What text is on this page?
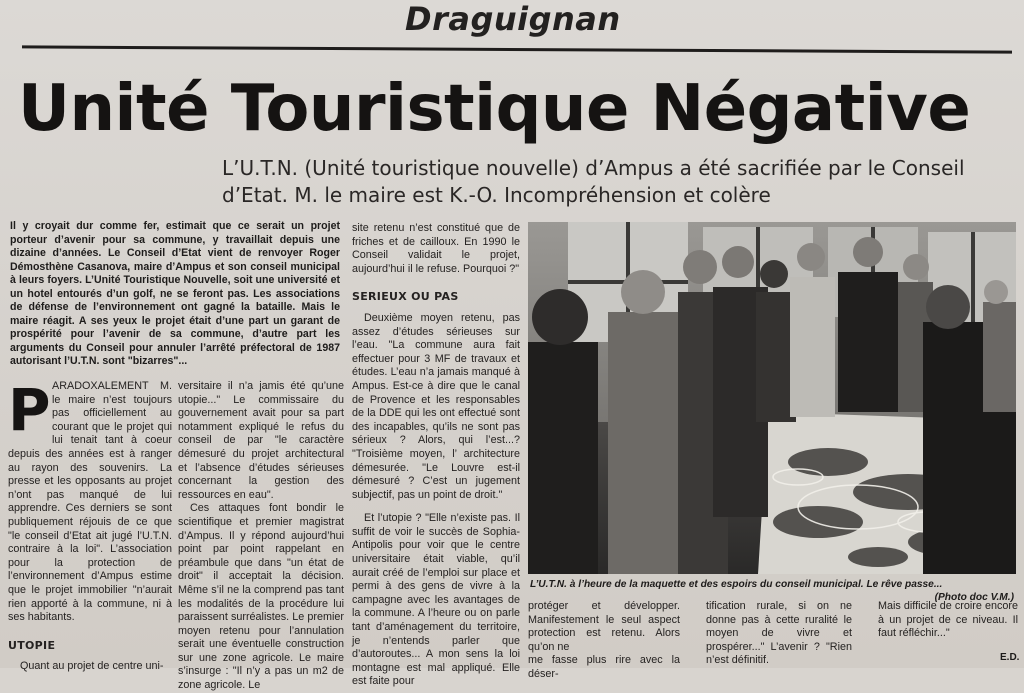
Draguignan
Unité Touristique Négative
L’U.T.N. (Unité touristique nouvelle) d’Ampus a été sacrifiée par le Conseil d’Etat. M. le maire est K.-O. Incompréhension et colère
Il y croyait dur comme fer, estimait que ce serait un projet porteur d’avenir pour sa commune, y travaillait depuis une dizaine d’années. Le Conseil d’Etat vient de renvoyer Roger Démosthène Casanova, maire d’Ampus et son conseil municipal à leurs foyers. L’Unité Touristique Nouvelle, soit une université et un hotel entourés d’un golf, ne se feront pas. Les associations de défense de l’environnement ont gagné la bataille. Mais le maire réagit. A ses yeux le projet était d’une part un garant de prospérité pour l’avenir de sa commune, d’autre part les arguments du Conseil pour annuler l’arrêté préfectoral de 1987 autorisant l’U.T.N. sont "bizarres"...
P ARADOXALEMENT M. le maire n’est toujours pas officiellement au courant que le projet qui lui tenait tant à coeur depuis des années est à ranger au rayon des souvenirs. La presse et les opposants au projet n’ont pas manqué de lui apprendre. Ces derniers se sont publiquement réjouis de ce que "le conseil d’Etat ait jugé l’U.T.N. contraire à la loi". L’association pour la protection de l’environnement d’Ampus estime que le projet immobilier "n’aurait rien apporté à la commune, ni à ses habitants.

UTOPIE

Quant au projet de centre uni-

versitaire il n’a jamis été qu’une utopie..." Le commissaire du gouvernement avait pour sa part notamment expliqué le refus du conseil de par "le caractère démesuré du projet architectural et l’absence d’études sérieuses concernant la gestion des ressources en eau".

Ces attaques font bondir le scientifique et premier magistrat d’Ampus. Il y répond aujourd’hui point par point rappelant en préambule que dans "un état de droit" il acceptait la décision. Même s’il ne la comprend pas tant les modalités de la procédure lui paraissent surréalistes. Le premier moyen retenu pour l’annulation serait une éventuelle construction sur une zone agricole. Le maire s’insurge : "Il n’y a pas un m2 de zone agricole. Le

site retenu n’est constitué que de friches et de cailloux. En 1990 le Conseil validait le projet, aujourd’hui il le refuse. Pourquoi ?"

SERIEUX OU PAS

Deuxième moyen retenu, pas assez d’études sérieuses sur l’eau. "La commune aura fait effectuer pour 3 MF de travaux et études. L’eau n’a jamais manqué à Ampus. Est-ce à dire que le canal de Provence et les responsables de la DDE qui les ont effectué sont des incapables, qu’ils ne sont pas sérieux ? Alors, qui l’est...? "Troisième moyen, l’ architecture démesurée. "Le Louvre est-il démesuré ? C’est un jugement subjectif, pas un point de droit."

Et l’utopie ? "Elle n’existe pas. Il suffit de voir le succès de Sophia-Antipolis pour voir que le centre universitaire était viable, qu’il aurait créé de l’emploi sur place et permi à des gens de vivre à la campagne avec les avantages de la commune. A l’heure ou on parle tant d’aménagement du territoire, je n’entends parler que d’autoroutes... A mon sens la loi montagne est mal appliqué. Elle est faite pour

L’U.T.N. à l’heure de la maquette et des espoirs du conseil municipal. Le rêve passe...
(Photo doc V.M.)

protéger et développer. Manifestement le seul aspect protection est retenu. Alors qu’on ne

me fasse plus rire avec la déser-

tification rurale, si on ne donne pas à cette ruralité le moyen de vivre et prospérer..." L’avenir ? "Rien n’est définitif.

Mais difficile de croire encore à un projet de ce niveau. Il faut réfléchir..."

E.D.
